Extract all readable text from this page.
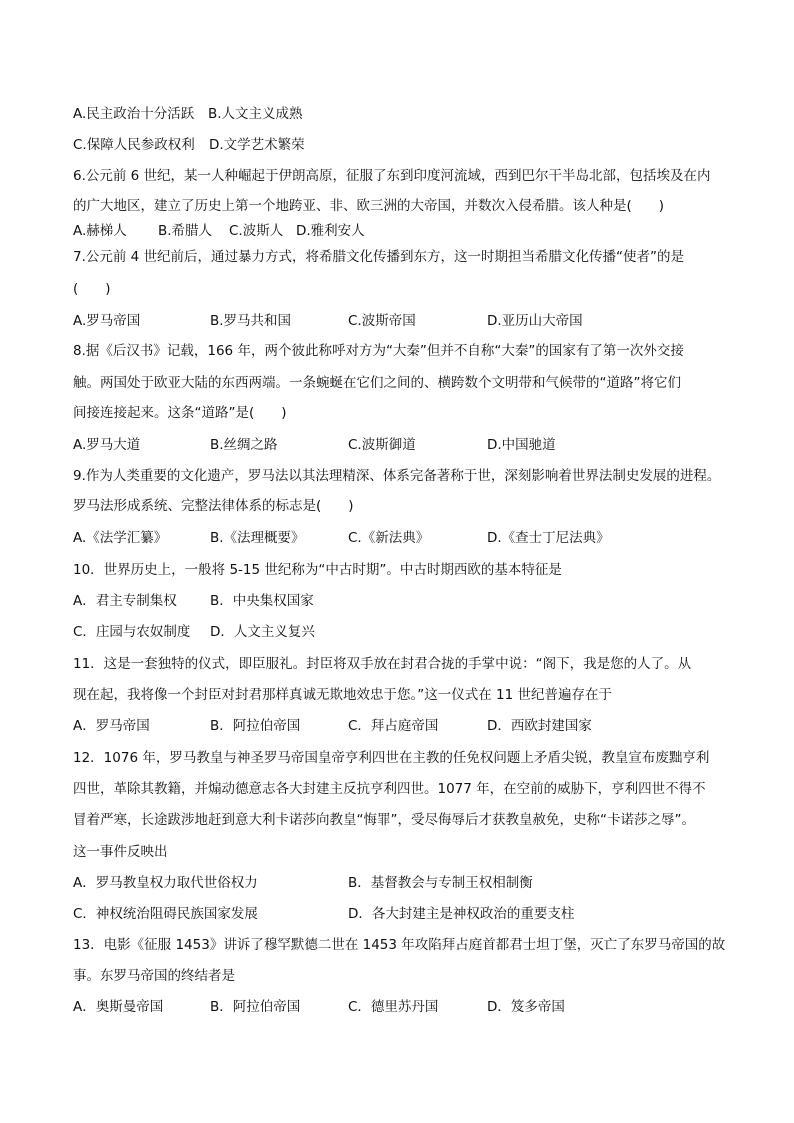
A.民主政治十分活跃 B.人文主义成熟
C.保障人民参政权利 D.文学艺术繁荣
6.公元前 6 世纪，某一人种崛起于伊朗高原，征服了东到印度河流域，西到巴尔干半岛北部，包括埃及在内
的广大地区，建立了历史上第一个地跨亚、非、欧三洲的大帝国，并数次入侵希腊。该人种是(　　)
A.赫梯人 B.希腊人 C.波斯人 D.雅利安人
7.公元前 4 世纪前后，通过暴力方式，将希腊文化传播到东方，这一时期担当希腊文化传播“使者”的是
(　　)
A.罗马帝国	B.罗马共和国	C.波斯帝国	D.亚历山大帝国
8.据《后汉书》记载，166 年，两个彼此称呼对方为“大秦”但并不自称“大秦”的国家有了第一次外交接
触。两国处于欧亚大陆的东西两端。一条蜿蜒在它们之间的、横跨数个文明带和气候带的“道路”将它们
间接连接起来。这条“道路”是(　　)
A.罗马大道	B.丝绸之路	C.波斯御道	D.中国驰道
9.作为人类重要的文化遗产，罗马法以其法理精深、体系完备著称于世，深刻影响着世界法制史发展的进程。
罗马法形成系统、完整法律体系的标志是(　　)
A.《法学汇纂》	B.《法理概要》	C.《新法典》	D.《查士丁尼法典》
10．世界历史上，一般将 5-15 世纪称为“中古时期”。中古时期西欧的基本特征是
A．君主专制集权 B．中央集权国家
C．庄园与农奴制度 D．人文主义复兴
11．这是一套独特的仪式，即臣服礼。封臣将双手放在封君合拢的手掌中说：“阁下，我是您的人了。从
现在起，我将像一个封臣对封君那样真诚无欺地效忠于您。”这一仪式在 11 世纪普遍存在于
A．罗马帝国	B．阿拉伯帝国	C．拜占庭帝国	D．西欧封建国家
12．1076 年，罗马教皇与神圣罗马帝国皇帝亨利四世在主教的任免权问题上矛盾尖锐，教皇宣布废黜亨利
四世，革除其教籍，并煽动德意志各大封建主反抗亨利四世。1077 年，在空前的威胁下，亨利四世不得不
冒着严寒，长途跋涉地赶到意大利卡诺莎向教皇“悔罪”，受尽侮辱后才获教皇赦免，史称“卡诺莎之辱”。
这一事件反映出
A．罗马教皇权力取代世俗权力	B．基督教会与专制王权相制衡
C．神权统治阻碍民族国家发展	D．各大封建主是神权政治的重要支柱
13．电影《征服 1453》讲诉了穆罕默德二世在 1453 年攻陷拜占庭首都君士坦丁堡，灭亡了东罗马帝国的故
事。东罗马帝国的终结者是
A．奥斯曼帝国	B．阿拉伯帝国	C．德里苏丹国	D．笈多帝国
